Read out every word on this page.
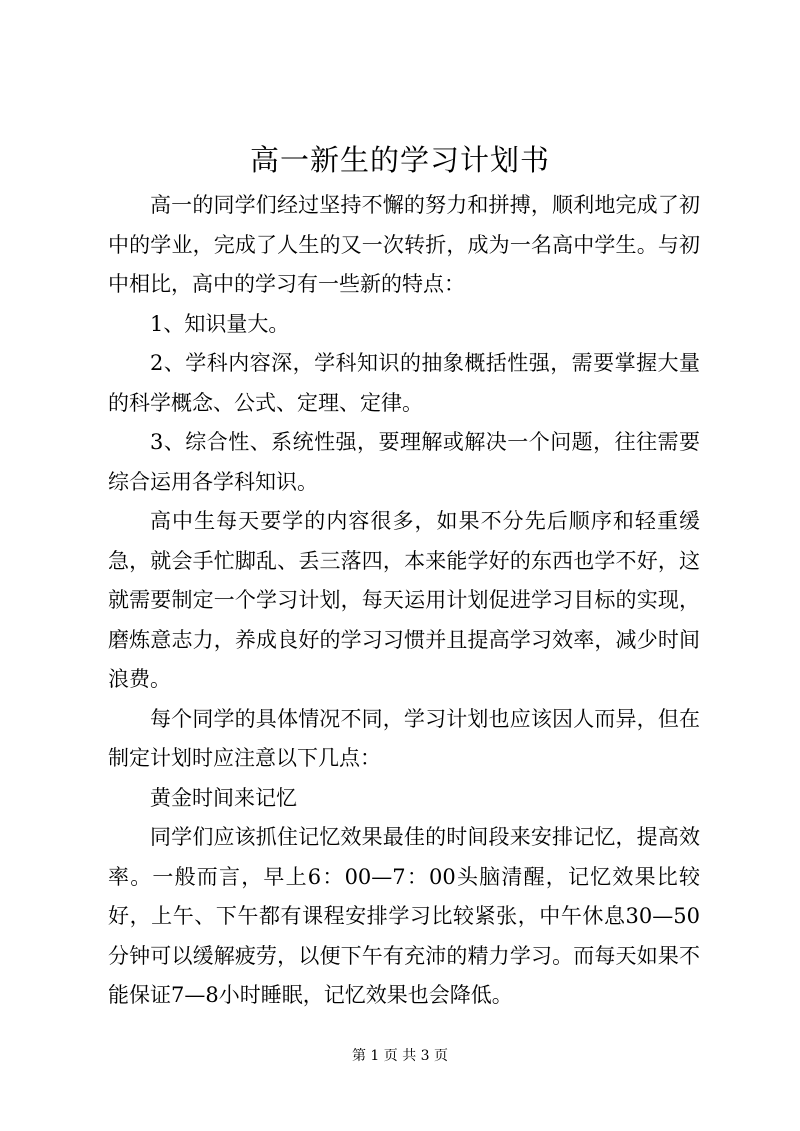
高一新生的学习计划书

高一的同学们经过坚持不懈的努力和拼搏，顺利地完成了初中的学业，完成了人生的又一次转折，成为一名高中学生。与初中相比，高中的学习有一些新的特点：

1、知识量大。

2、学科内容深，学科知识的抽象概括性强，需要掌握大量的科学概念、公式、定理、定律。

3、综合性、系统性强，要理解或解决一个问题，往往需要综合运用各学科知识。

高中生每天要学的内容很多，如果不分先后顺序和轻重缓急，就会手忙脚乱、丢三落四，本来能学好的东西也学不好，这就需要制定一个学习计划，每天运用计划促进学习目标的实现，磨炼意志力，养成良好的学习习惯并且提高学习效率，减少时间浪费。

每个同学的具体情况不同，学习计划也应该因人而异，但在制定计划时应注意以下几点：

黄金时间来记忆

同学们应该抓住记忆效果最佳的时间段来安排记忆，提高效率。一般而言，早上6：00—7：00头脑清醒，记忆效果比较好，上午、下午都有课程安排学习比较紧张，中午休息30—50分钟可以缓解疲劳，以便下午有充沛的精力学习。而每天如果不能保证7—8小时睡眠，记忆效果也会降低。

第 1 页 共 3 页
